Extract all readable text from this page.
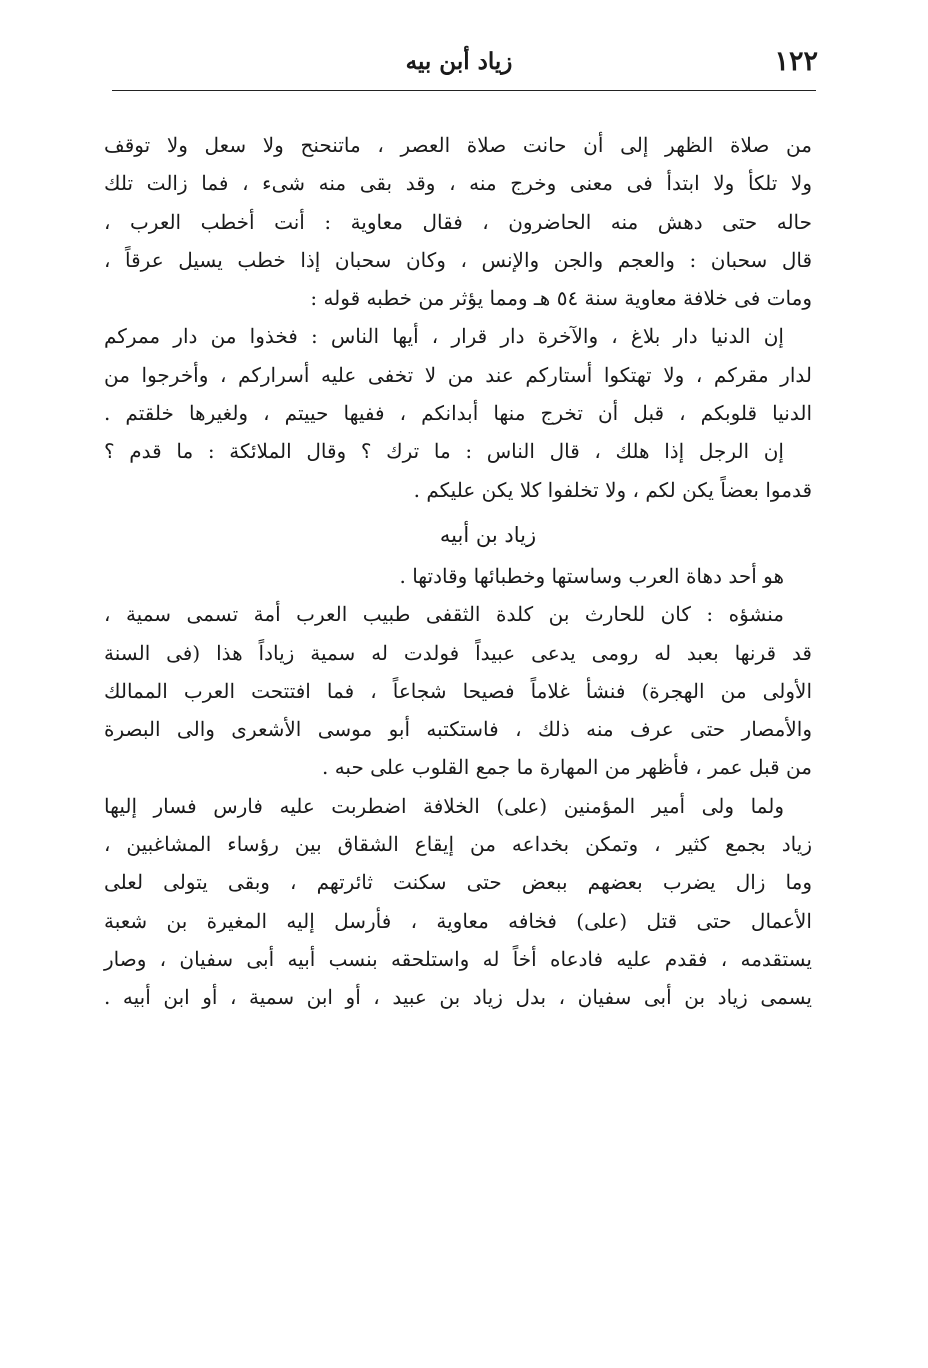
١٢٢
زياد أبن بيه
من صلاة الظهر إلى أن حانت صلاة العصر ، ماتنحنح ولا سعل ولا توقف
ولا تلكأ ولا ابتدأ فى معنى وخرج منه ، وقد بقى منه شىء ، فما زالت تلك
حاله حتى دهش منه الحاضرون ، فقال معاوية : أنت أخطب العرب ،
قال سحبان : والعجم والجن والإنس ، وكان سحبان إذا خطب يسيل عرقاً ،
ومات فى خلافة معاوية سنة ٥٤ هـ ومما يؤثر من خطبه قوله :
إن الدنيا دار بلاغ ، والآخرة دار قرار ، أيها الناس : فخذوا من دار ممركم
لدار مقركم ، ولا تهتكوا أستاركم عند من لا تخفى عليه أسراركم ، وأخرجوا من
الدنيا قلوبكم ، قبل أن تخرج منها أبدانكم ، ففيها حييتم ، ولغيرها خلقتم .
إن الرجل إذا هلك ، قال الناس : ما ترك ؟ وقال الملائكة : ما قدم ؟
قدموا بعضاً يكن لكم ، ولا تخلفوا كلا يكن عليكم .
زياد بن أبيه
هو أحد دهاة العرب وساستها وخطبائها وقادتها .
منشؤه : كان للحارث بن كلدة الثقفى طبيب العرب أمة تسمى سمية ،
قد قرنها بعبد له رومى يدعى عبيداً فولدت له سمية زياداً هذا (فى السنة
الأولى من الهجرة) فنشأ غلاماً فصيحا شجاعاً ، فما افتتحت العرب الممالك
والأمصار حتى عرف منه ذلك ، فاستكتبه أبو موسى الأشعرى والى البصرة
من قبل عمر ، فأظهر من المهارة ما جمع القلوب على حبه .
ولما ولى أمير المؤمنين (على) الخلافة اضطربت عليه فارس فسار إليها
زياد بجمع كثير ، وتمكن بخداعه من إيقاع الشقاق بين رؤساء المشاغبين ،
وما زال يضرب بعضهم ببعض حتى سكنت ثائرتهم ، وبقى يتولى لعلى
الأعمال حتى قتل (على) فخافه معاوية ، فأرسل إليه المغيرة بن شعبة
يستقدمه ، فقدم عليه فادعاه أخاً له واستلحقه بنسب أبيه أبى سفيان ، وصار
يسمى زياد بن أبى سفيان ، بدل زياد بن عبيد ، أو ابن سمية ، أو ابن أبيه .
